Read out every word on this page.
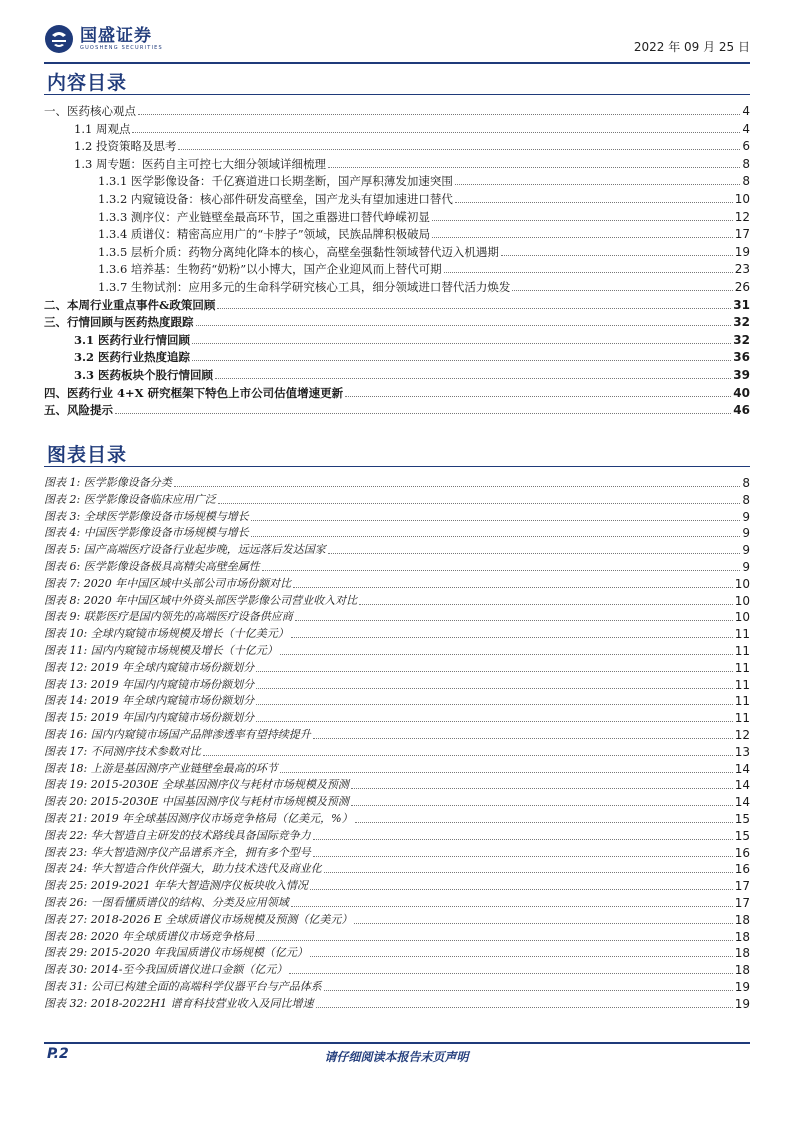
国盛证券
GUOSHENG SECURITIES	2022 年 09 月 25 日
内容目录
一、医药核心观点	4
1.1 周观点	4
1.2 投资策略及思考	6
1.3 周专题：医药自主可控七大细分领域详细梳理	8
1.3.1 医学影像设备：千亿赛道进口长期垄断，国产厚积薄发加速突围	8
1.3.2 内窥镜设备：核心部件研发高壁垒，国产龙头有望加速进口替代	10
1.3.3 测序仪：产业链壁垒最高环节，国之重器进口替代峥嵘初显	12
1.3.4 质谱仪：精密高应用广的“卡脖子”领域，民族品牌积极破局	17
1.3.5 层析介质：药物分离纯化降本的核心，高壁垒强黏性领域替代迈入机遇期	19
1.3.6 培养基：生物药“奶粉”以小博大，国产企业迎风而上替代可期	23
1.3.7 生物试剂：应用多元的生命科学研究核心工具，细分领域进口替代活力焕发	26
二、本周行业重点事件&政策回顾	31
三、行情回顾与医药热度跟踪	32
3.1 医药行业行情回顾	32
3.2 医药行业热度追踪	36
3.3 医药板块个股行情回顾	39
四、医药行业 4+X 研究框架下特色上市公司估值增速更新	40
五、风险提示	46
图表目录
图表 1: 医学影像设备分类	8
图表 2: 医学影像设备临床应用广泛	8
图表 3: 全球医学影像设备市场规模与增长	9
图表 4: 中国医学影像设备市场规模与增长	9
图表 5: 国产高端医疗设备行业起步晚，远远落后发达国家	9
图表 6: 医学影像设备极具高精尖高壁垒属性	9
图表 7: 2020 年中国区域中头部公司市场份额对比	10
图表 8: 2020 年中国区域中外资头部医学影像公司营业收入对比	10
图表 9: 联影医疗是国内领先的高端医疗设备供应商	10
图表 10: 全球内窥镜市场规模及增长（十亿美元）	11
图表 11: 国内内窥镜市场规模及增长（十亿元）	11
图表 12: 2019 年全球内窥镜市场份额划分	11
图表 13: 2019 年国内内窥镜市场份额划分	11
图表 14: 2019 年全球内窥镜市场份额划分	11
图表 15: 2019 年国内内窥镜市场份额划分	11
图表 16: 国内内窥镜市场国产品牌渗透率有望持续提升	12
图表 17: 不同测序技术参数对比	13
图表 18: 上游是基因测序产业链壁垒最高的环节	14
图表 19: 2015-2030E 全球基因测序仪与耗材市场规模及预测	14
图表 20: 2015-2030E 中国基因测序仪与耗材市场规模及预测	14
图表 21: 2019 年全球基因测序仪市场竞争格局（亿美元，%）	15
图表 22: 华大智造自主研发的技术路线具备国际竞争力	15
图表 23: 华大智造测序仪产品谱系齐全，拥有多个型号	16
图表 24: 华大智造合作伙伴强大，助力技术迭代及商业化	16
图表 25: 2019-2021 年华大智造测序仪板块收入情况	17
图表 26: 一图看懂质谱仪的结构、分类及应用领域	17
图表 27: 2018-2026 E 全球质谱仪市场规模及预测（亿美元）	18
图表 28: 2020 年全球质谱仪市场竞争格局	18
图表 29: 2015-2020 年我国质谱仪市场规模（亿元）	18
图表 30: 2014-至今我国质谱仪进口金额（亿元）	18
图表 31: 公司已构建全面的高端科学仪器平台与产品体系	19
图表 32: 2018-2022H1 谱育科技营业收入及同比增速	19
P.2	请仔细阅读本报告末页声明
